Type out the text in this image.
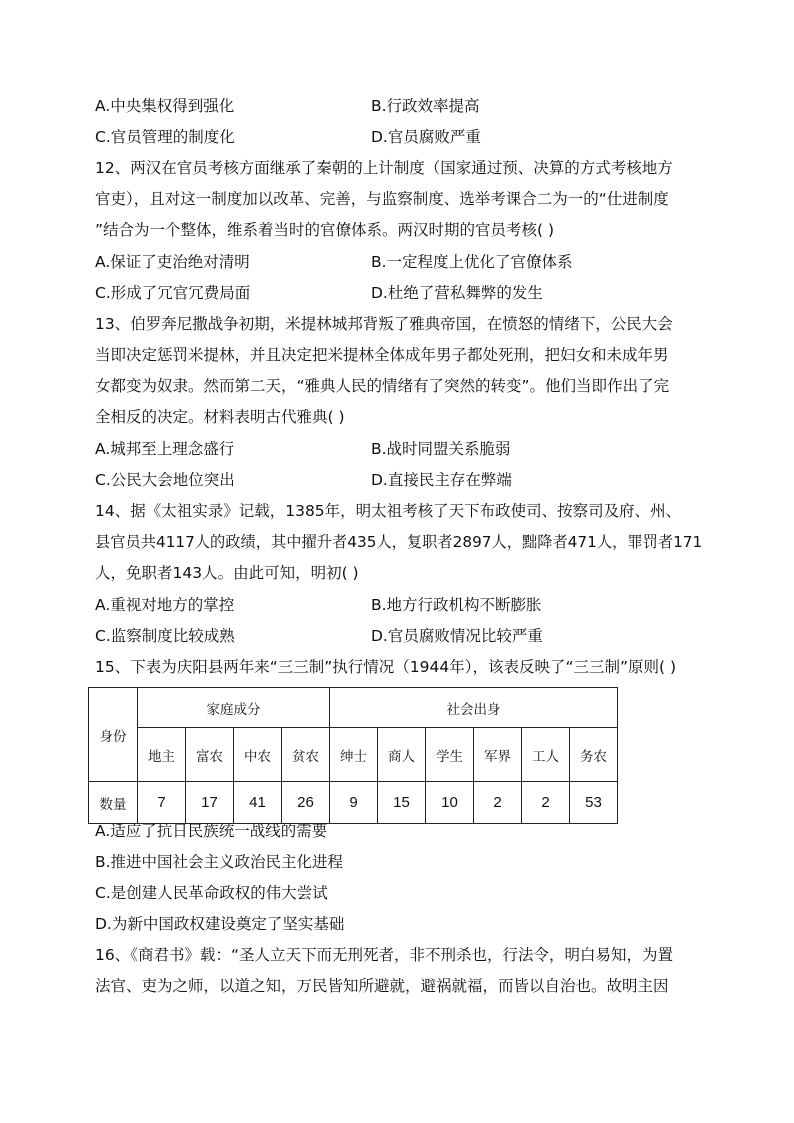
A.中央集权得到强化	B.行政效率提高
C.官员管理的制度化	D.官员腐败严重
12、两汉在官员考核方面继承了秦朝的上计制度（国家通过预、决算的方式考核地方
官吏），且对这一制度加以改革、完善，与监察制度、选举考课合二为一的“仕进制度
”结合为一个整体，维系着当时的官僚体系。两汉时期的官员考核( )
A.保证了吏治绝对清明	B.一定程度上优化了官僚体系
C.形成了冗官冗费局面	D.杜绝了营私舞弊的发生
13、伯罗奔尼撒战争初期，米提林城邦背叛了雅典帝国，在愤怒的情绪下，公民大会
当即决定惩罚米提林，并且决定把米提林全体成年男子都处死刑，把妇女和未成年男
女都变为奴隶。然而第二天，“雅典人民的情绪有了突然的转变”。他们当即作出了完
全相反的决定。材料表明古代雅典( )
A.城邦至上理念盛行	B.战时同盟关系脆弱
C.公民大会地位突出	D.直接民主存在弊端
14、据《太祖实录》记载，1385年，明太祖考核了天下布政使司、按察司及府、州、
县官员共4117人的政绩，其中擢升者435人，复职者2897人，黜降者471人，罪罚者171
人，免职者143人。由此可知，明初( )
A.重视对地方的掌控	B.地方行政机构不断膨胀
C.监察制度比较成熟	D.官员腐败情况比较严重
15、下表为庆阳县两年来“三三制”执行情况（1944年），该表反映了“三三制”原则( )
身份	家庭成分				社会出身					
	地主	富农	中农	贫农	绅士	商人	学生	军界	工人	务农
数量	7	17	41	26	9	15	10	2	2	53
A.适应了抗日民族统一战线的需要
B.推进中国社会主义政治民主化进程
C.是创建人民革命政权的伟大尝试
D.为新中国政权建设奠定了坚实基础
16、《商君书》载：“圣人立天下而无刑死者，非不刑杀也，行法令，明白易知，为置
法官、吏为之师，以道之知，万民皆知所避就，避祸就福，而皆以自治也。故明主因
